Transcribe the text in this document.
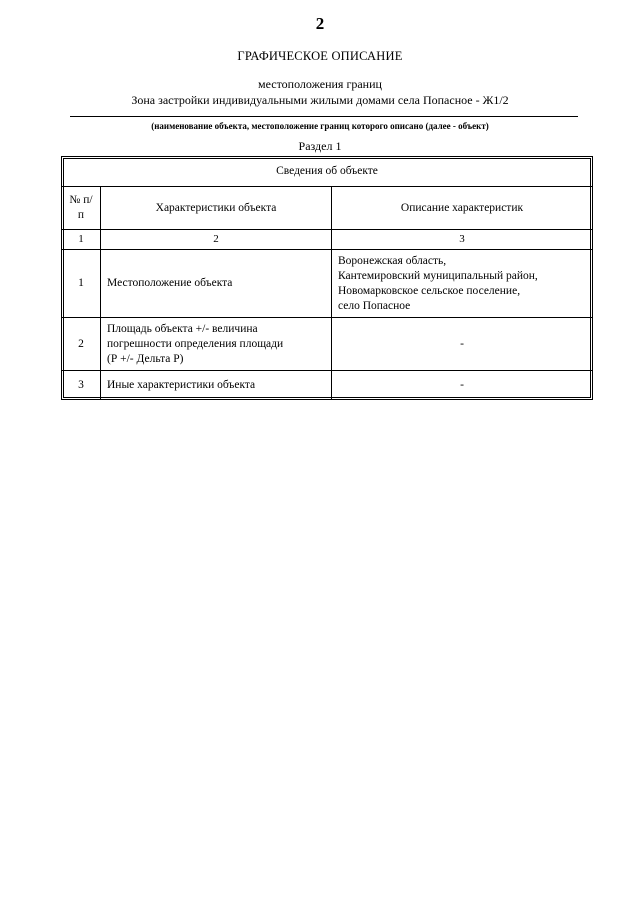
2
ГРАФИЧЕСКОЕ ОПИСАНИЕ
местоположения границ
Зона застройки индивидуальными жилыми домами села Попасное - Ж1/2
(наименование объекта, местоположение границ которого описано (далее - объект)
Раздел 1
Сведения об объекте		
№ п/п	Характеристики объекта	Описание характеристик
1	2	3
1	Местоположение объекта	Воронежская область,
Кантемировский муниципальный район,
Новомарковское сельское поселение,
село Попасное

2	Площадь объекта +/- величина
погрешности определения площади
(Р +/- Дельта Р)	-
3	Иные характеристики объекта	-
